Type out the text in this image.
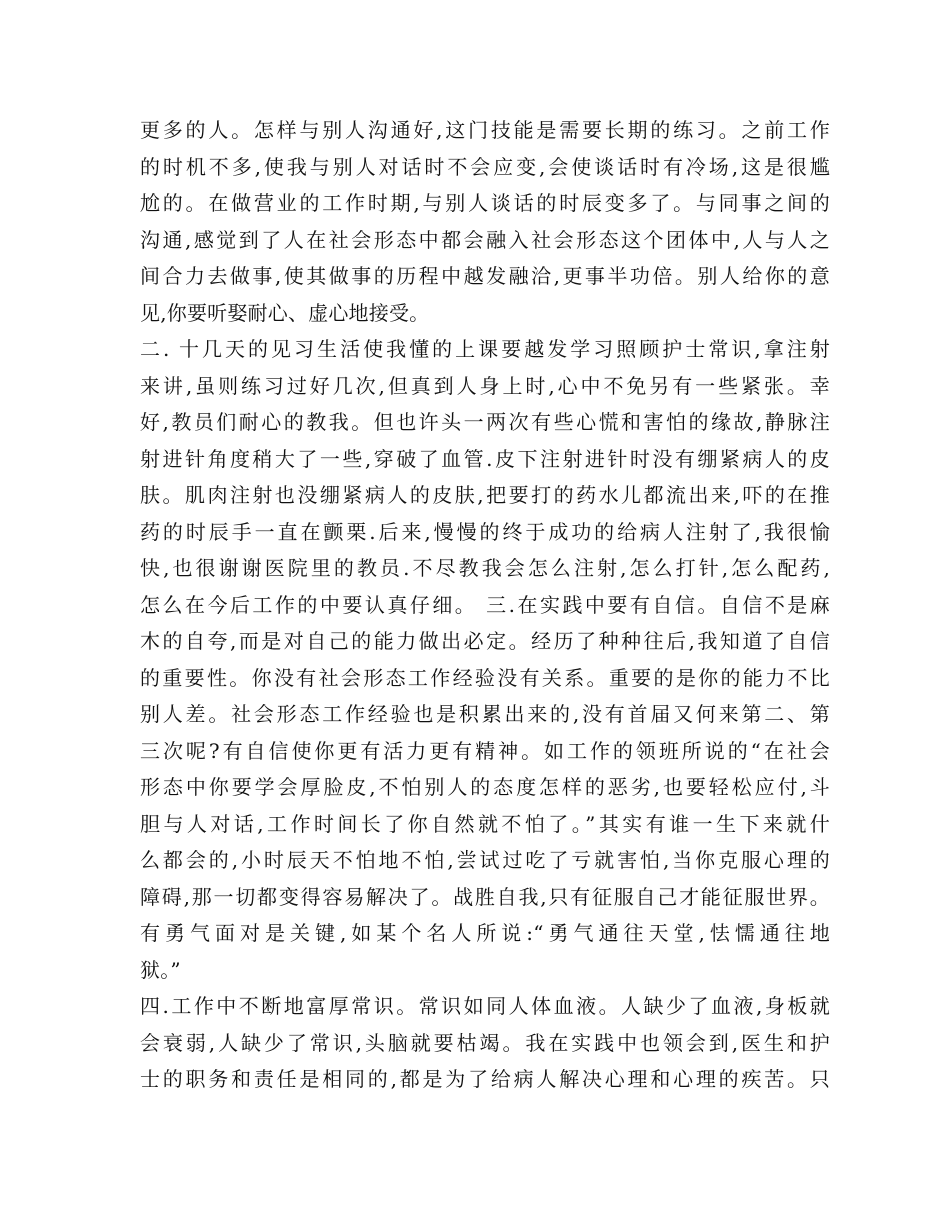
更多的人。怎样与别人沟通好,这门技能是需要长期的练习。之前工作
的时机不多,使我与别人对话时不会应变,会使谈话时有冷场,这是很尴
尬的。在做营业的工作时期,与别人谈话的时辰变多了。与同事之间的
沟通,感觉到了人在社会形态中都会融入社会形态这个团体中,人与人之
间合力去做事,使其做事的历程中越发融洽,更事半功倍。别人给你的意
见,你要听娶耐心、虚心地接受。
二. 十几天的见习生活使我懂的上课要越发学习照顾护士常识,拿注射
来讲,虽则练习过好几次,但真到人身上时,心中不免另有一些紧张。幸
好,教员们耐心的教我。但也许头一两次有些心慌和害怕的缘故,静脉注
射进针角度稍大了一些,穿破了血管.皮下注射进针时没有绷紧病人的皮
肤。肌肉注射也没绷紧病人的皮肤,把要打的药水儿都流出来,吓的在推
药的时辰手一直在颤栗.后来,慢慢的终于成功的给病人注射了,我很愉
快,也很谢谢医院里的教员.不尽教我会怎么注射,怎么打针,怎么配药,
怎么在今后工作的中要认真仔细。 三.在实践中要有自信。自信不是麻
木的自夸,而是对自己的能力做出必定。经历了种种往后,我知道了自信
的重要性。你没有社会形态工作经验没有关系。重要的是你的能力不比
别人差。社会形态工作经验也是积累出来的,没有首届又何来第二、第
三次呢?有自信使你更有活力更有精神。如工作的领班所说的“在社会
形态中你要学会厚脸皮,不怕别人的态度怎样的恶劣,也要轻松应付,斗
胆与人对话,工作时间长了你自然就不怕了。”其实有谁一生下来就什
么都会的,小时辰天不怕地不怕,尝试过吃了亏就害怕,当你克服心理的
障碍,那一切都变得容易解决了。战胜自我,只有征服自己才能征服世界。
有勇气面对是关键,如某个名人所说:“勇气通往天堂,怯懦通往地
狱。”
四.工作中不断地富厚常识。常识如同人体血液。人缺少了血液,身板就
会衰弱,人缺少了常识,头脑就要枯竭。我在实践中也领会到,医生和护
士的职务和责任是相同的,都是为了给病人解决心理和心理的疾苦。只
